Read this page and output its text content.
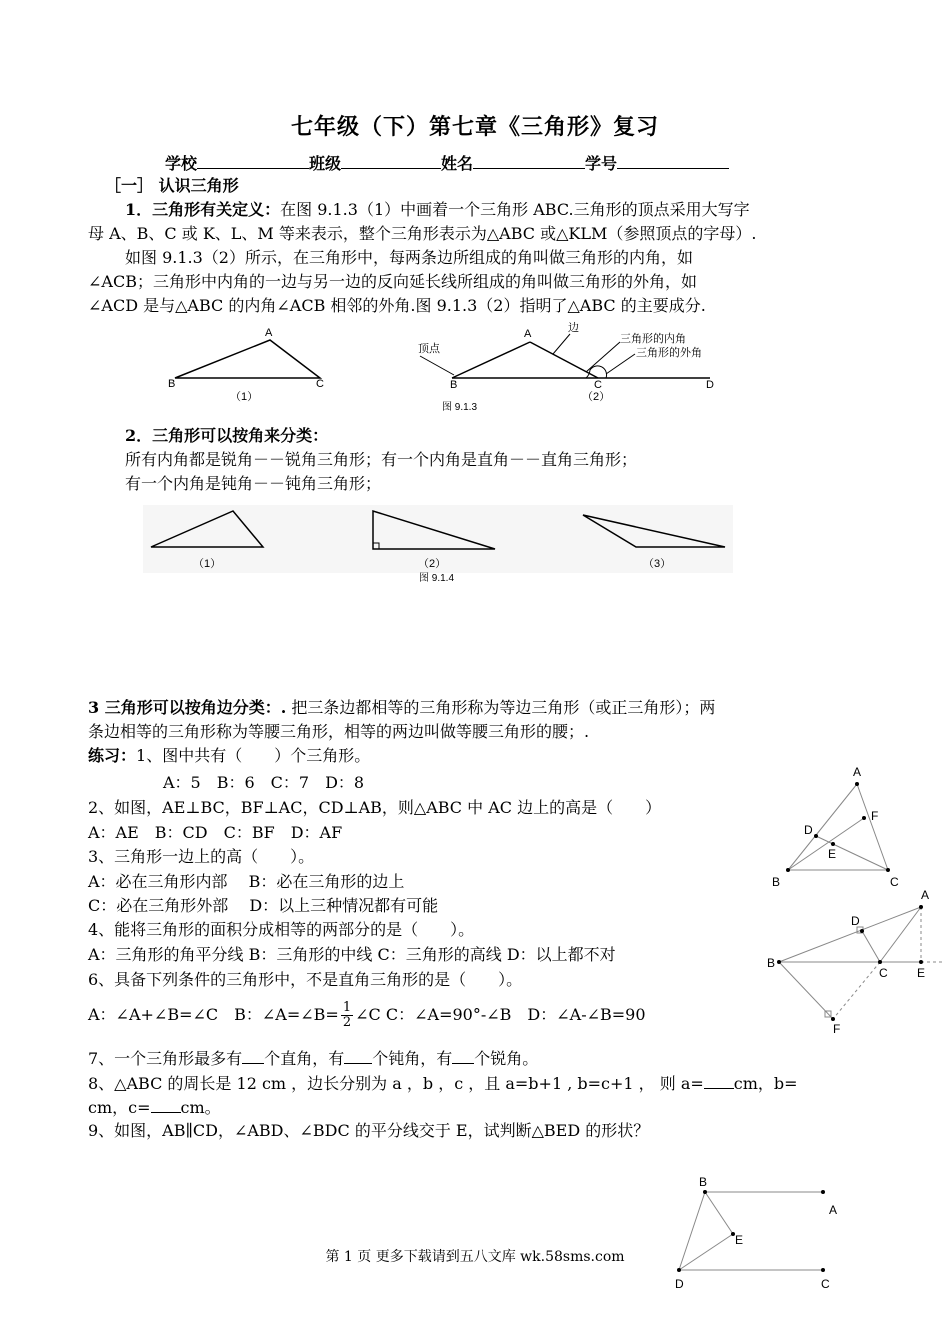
七年级（下）第七章《三角形》复习
学校	班级	姓名	学号
［一］ 认识三角形
1．三角形有关定义：在图 9.1.3（1）中画着一个三角形 ABC.三角形的顶点采用大写字
母 A、B、C 或 K、L、M 等来表示，整个三角形表示为△ABC 或△KLM（参照顶点的字母）.
如图 9.1.3（2）所示，在三角形中，每两条边所组成的角叫做三角形的内角，如
∠ACB；三角形中内角的一边与另一边的反向延长线所组成的角叫做三角形的外角，如
∠ACD 是与△ABC 的内角∠ACB 相邻的外角.图 9.1.3（2）指明了△ABC 的主要成分.
A
B	C
（1）
A
B	C	D
边
顶点
三角形的内角
三角形的外角
（2）
图 9.1.3
2．三角形可以按角来分类：
所有内角都是锐角－－锐角三角形；有一个内角是直角－－直角三角形；
有一个内角是钝角－－钝角三角形；
（1）	（2）	（3）
图 9.1.4
3 三角形可以按角边分类：. 把三条边都相等的三角形称为等边三角形（或正三角形）；两
条边相等的三角形称为等腰三角形，相等的两边叫做等腰三角形的腰；.
练习：1、图中共有（　　）个三角形。
A：5　B：6　C：7　D：8
2、如图，AE⊥BC，BF⊥AC，CD⊥AB，则△ABC 中 AC 边上的高是（　　）
A：AE　B：CD　C：BF　D：AF
3、三角形一边上的高（　　）。
A：必在三角形内部　 B：必在三角形的边上
C：必在三角形外部　 D：以上三种情况都有可能
4、能将三角形的面积分成相等的两部分的是（　　）。
A：三角形的角平分线 B：三角形的中线 C：三角形的高线 D：以上都不对
6、具备下列条件的三角形中，不是直角三角形的是（　　）。
A：∠A+∠B=∠C　B：∠A=∠B= $\frac{1}{2}$ ∠C C：∠A=90°-∠B　D：∠A-∠B=90
7、一个三角形最多有 个直角，有 个钝角，有 个锐角。
8、△ABC 的周长是 12 cm ，边长分别为 a ，b ，c ，且 a=b+1 , b=c+1 ， 则 a= cm，b=
cm，c= cm。
9、如图，AB∥CD，∠ABD、∠BDC 的平分线交于 E，试判断△BED 的形状？
A
B	C
D
E
F
A
B
C
D
E
F
B
A
E
D	C
第 1 页 更多下载请到五八文库 wk.58sms.com
